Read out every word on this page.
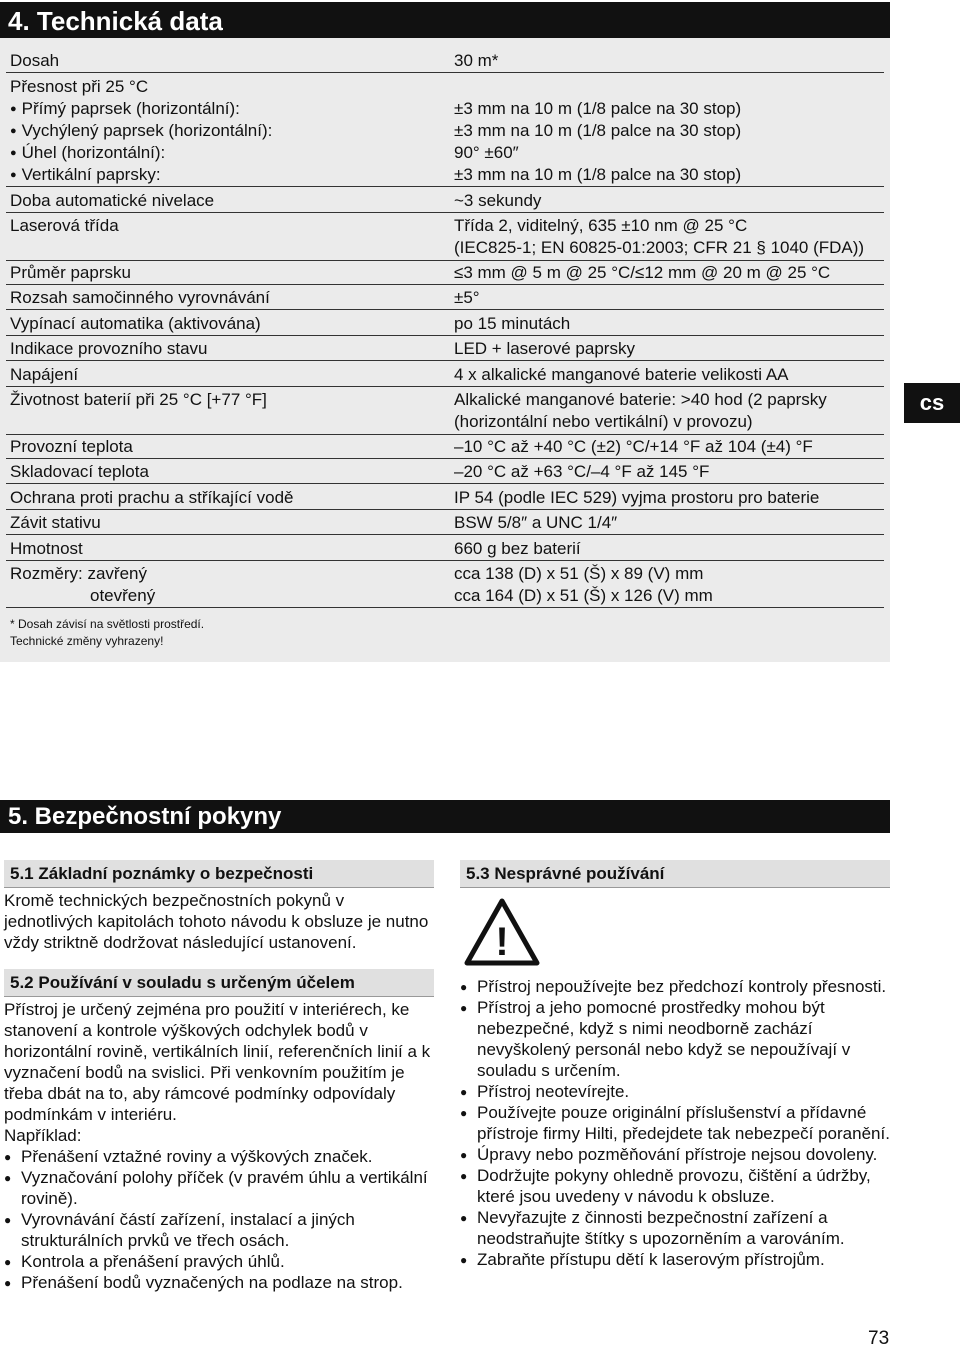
4. Technická data
Dosah	30 m*
Přesnost při 25 °C
● Přímý paprsek (horizontální):	±3 mm na 10 m (1/8 palce na 30 stop)
● Vychýlený paprsek (horizontální):	±3 mm na 10 m (1/8 palce na 30 stop)
● Úhel (horizontální):	90° ±60″
● Vertikální paprsky:	±3 mm na 10 m (1/8 palce na 30 stop)
Doba automatické nivelace	~3 sekundy
Laserová třída	Třída 2, viditelný, 635 ±10 nm @ 25 °C
(IEC825-1; EN 60825-01:2003; CFR 21 § 1040 (FDA))
Průměr paprsku	≤3 mm @ 5 m @ 25 °C/≤12 mm @ 20 m @ 25 °C
Rozsah samočinného vyrovnávání	±5°
Vypínací automatika (aktivována)	po 15 minutách
Indikace provozního stavu	LED + laserové paprsky
Napájení	4 x alkalické manganové baterie velikosti AA
Životnost baterií při 25 °C [+77 °F]	Alkalické manganové baterie: >40 hod (2 paprsky
(horizontální nebo vertikální) v provozu)
Provozní teplota	–10 °C až +40 °C (±2) °C/+14 °F až 104 (±4) °F
Skladovací teplota	–20 °C až +63 °C/–4 °F až 145 °F
Ochrana proti prachu a stříkající vodě	IP 54 (podle IEC 529) vyjma prostoru pro baterie
Závit stativu	BSW 5/8″ a UNC 1/4″
Hmotnost	660 g bez baterií
Rozměry: zavřený	cca 138 (D) x 51 (Š) x 89 (V) mm
otevřený	cca 164 (D) x 51 (Š) x 126 (V) mm
* Dosah závisí na světlosti prostředí.
Technické změny vyhrazeny!
cs
5. Bezpečnostní pokyny
5.1 Základní poznámky o bezpečnosti

Kromě technických bezpečnostních pokynů v jednotlivých kapitolách tohoto návodu k obsluze je nutno vždy striktně dodržovat následující ustanovení.

5.2 Používání v souladu s určeným účelem

Přístroj je určený zejména pro použití v interiérech, ke stanovení a kontrole výškových odchylek bodů v horizontální rovině, vertikálních linií, referenčních linií a k vyznačení bodů na svislici. Při venkovním použitím je třeba dbát na to, aby rámcové podmínky odpovídaly podmínkám v interiéru.

Například:

● Přenášení vztažné roviny a výškových značek.
● Vyznačování polohy příček (v pravém úhlu a vertikální rovině).
● Vyrovnávání částí zařízení, instalací a jiných strukturálních prvků ve třech osách.
● Kontrola a přenášení pravých úhlů.
● Přenášení bodů vyznačených na podlaze na strop.
5.3 Nesprávné používání
!
● Přístroj nepoužívejte bez předchozí kontroly přesnosti.
● Přístroj a jeho pomocné prostředky mohou být nebezpečné, když s nimi neodborně zachází nevyškolený personál nebo když se nepoužívají v souladu s určením.
● Přístroj neotevírejte.
● Používejte pouze originální příslušenství a přídavné přístroje firmy Hilti, předejdete tak nebezpečí poranění.
● Úpravy nebo pozměňování přístroje nejsou dovoleny.
● Dodržujte pokyny ohledně provozu, čištění a údržby, které jsou uvedeny v návodu k obsluze.
● Nevyřazujte z činnosti bezpečnostní zařízení a neodstraňujte štítky s upozorněním a varováním.
● Zabraňte přístupu dětí k laserovým přístrojům.
73
